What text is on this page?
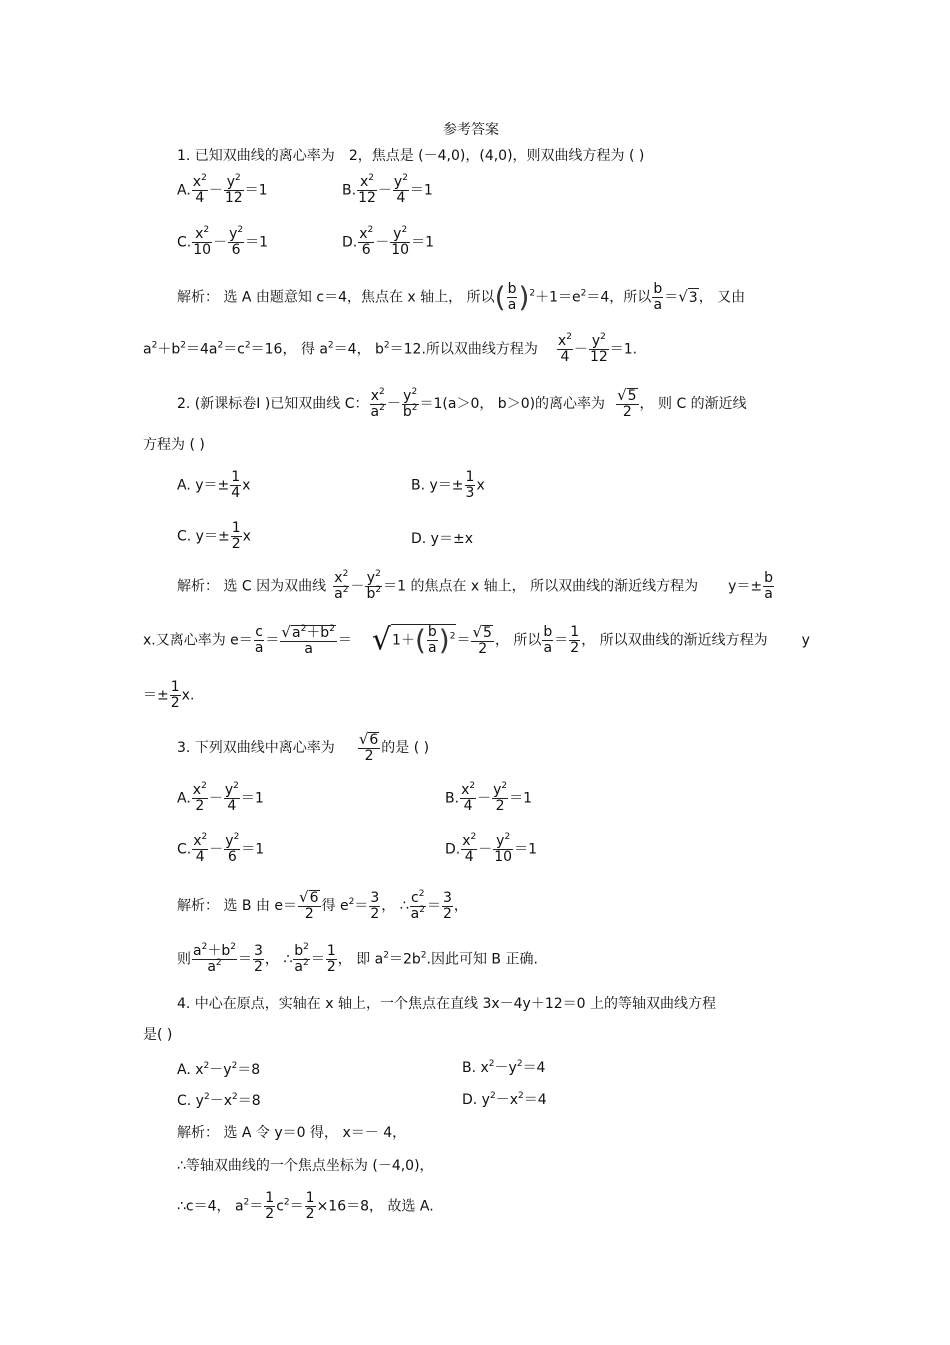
参考答案
1. 已知双曲线的离心率为 2，焦点是 (－4,0)，(4,0)，则双曲线方程为 ( )
A. $\frac{x^2}{4} - \frac{y^2}{12} =1$	B. $\frac{x^2}{12} - \frac{y^2}{4} =1$
C. $\frac{x^2}{10} - \frac{y^2}{6} =1$	D. $\frac{x^2}{6} - \frac{y^2}{10} =1$
解析： 选 A 由题意知 c＝4，焦点在 x 轴上， 所以( $\frac{b}{a} )^2+1=e^2=4$，所以 $\frac{b}{a} =√3$， 又由
$a^2+b^2=4a^2=c^2=16$， 得 $a^2=4$， $b^2=12$.所以双曲线方程为 $\frac{x^2}{4} - \frac{y^2}{12} =1$.
2. (新课标卷Ⅰ )已知双曲线 C： $\frac{x^2}{a^2} - \frac{y^2}{b^2} =1(a>0$， b＞0)的离心率为 $\frac{√5}{2}$ ， 则 C 的渐近线
方程为 ( )
A. $y=\pm \frac{1}{4}$ x	B. $y=\pm \frac{1}{3}$ x
C. $y=\pm \frac{1}{2}$ x	D. y＝±x
解析： 选 C 因为双曲线 $\frac{x^2}{a^2} - \frac{y^2}{b^2} =1$ 的焦点在 x 轴上， 所以双曲线的渐近线方程为 $y=\pm \frac{b}{a}$
x.又离心率为 $e= \frac{c}{a} = \frac{√a^2+b^2}{a} = √1+( \frac{b}{a} )^2= \frac{√5}{2}$ ， 所以 $\frac{b}{a} = \frac{1}{2}$ ， 所以双曲线的渐近线方程为 y
＝± $\frac{1}{2} x$.
3. 下列双曲线中离心率为 $\frac{√6}{2}$ 的是 ( )
A. $\frac{x^2}{2} - \frac{y^2}{4} =1$	B. $\frac{x^2}{4} - \frac{y^2}{2} =1$
C. $\frac{x^2}{4} - \frac{y^2}{6} =1$	D. $\frac{x^2}{4} - \frac{y^2}{10} =1$
解析： 选 B 由 $e= \frac{√6}{2}$ 得 $e^2= \frac{3}{2}$ ， ∴ $\frac{c^2}{a^2} = \frac{3}{2}$ ，
则 $\frac{a^2+b^2}{a^2} = \frac{3}{2}$ ， ∴ $\frac{b^2}{a^2} = \frac{1}{2}$ ， 即 $a^2=2b^2$.因此可知 B 正确.
4. 中心在原点，实轴在 x 轴上，一个焦点在直线 3x－4y＋12＝0 上的等轴双曲线方程
是( )
A. $x^2-y^2=8$	B. $x^2-y^2=4$
C. $y^2-x^2=8$	D. $y^2-x^2=4$
解析： 选 A 令 y＝0 得， x＝－ 4，
∴等轴双曲线的一个焦点坐标为 (－4,0)，
∴c＝4， $a^2= \frac{1}{2} c^2= \frac{1}{2} \times 16=8$， 故选 A.
